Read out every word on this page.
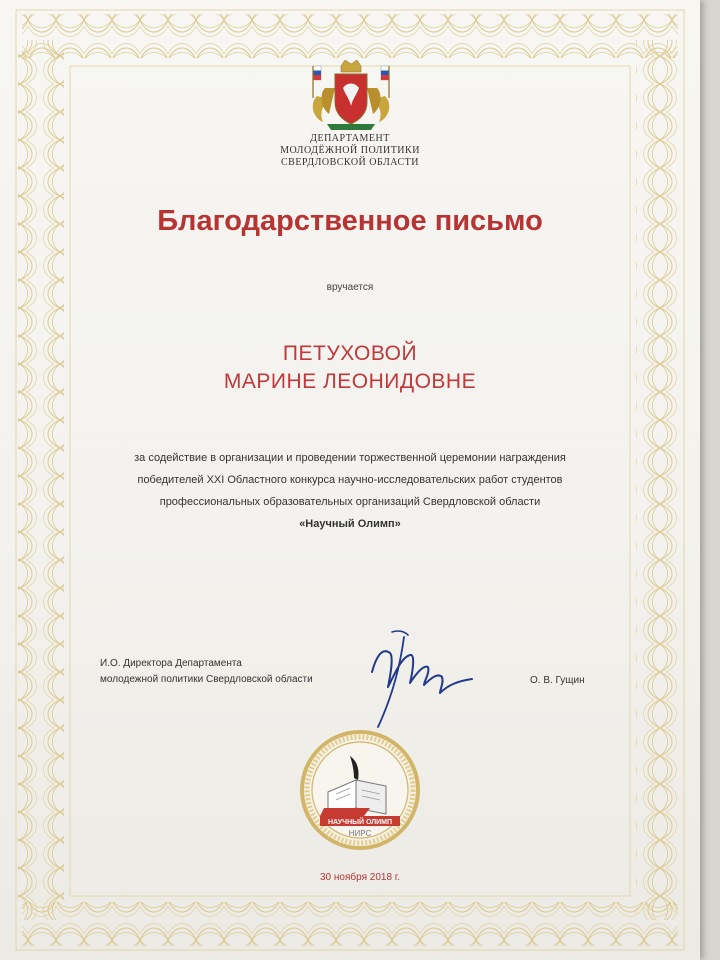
ДЕПАРТАМЕНТ
МОЛОДЁЖНОЙ ПОЛИТИКИ
СВЕРДЛОВСКОЙ ОБЛАСТИ
Благодарственное письмо
вручается
ПЕТУХОВОЙ
МАРИНЕ ЛЕОНИДОВНЕ
за содействие в организации и проведении торжественной церемонии награждения
победителей XXI Областного конкурса научно-исследовательских работ студентов
профессиональных образовательных организаций Свердловской области
«Научный Олимп»
И.О. Директора Департамента
молодежной политики Свердловской области	О. В. Гущин
НАУЧНЫЙ ОЛИМП
НИРС
30 ноября 2018 г.
